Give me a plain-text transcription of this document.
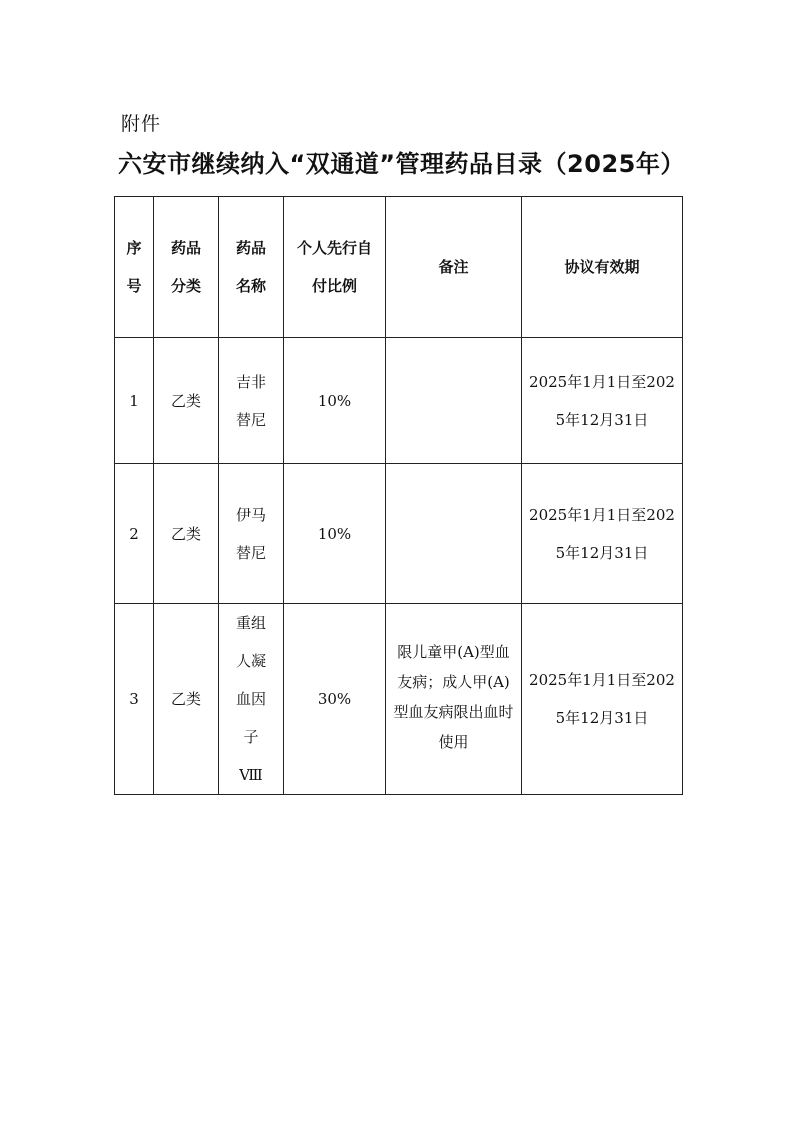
附件
六安市继续纳入“双通道”管理药品目录（2025年）
序号	药品分类	药品名称	个人先行自付比例	备注	协议有效期
1	乙类	吉非替尼	10%		2025年1月1日至2025年12月31日
2	乙类	伊马替尼	10%		2025年1月1日至2025年12月31日
3	乙类	重组人凝血因子Ⅷ	30%	限儿童甲(A)型血友病；成人甲(A)型血友病限出血时使用	2025年1月1日至2025年12月31日
